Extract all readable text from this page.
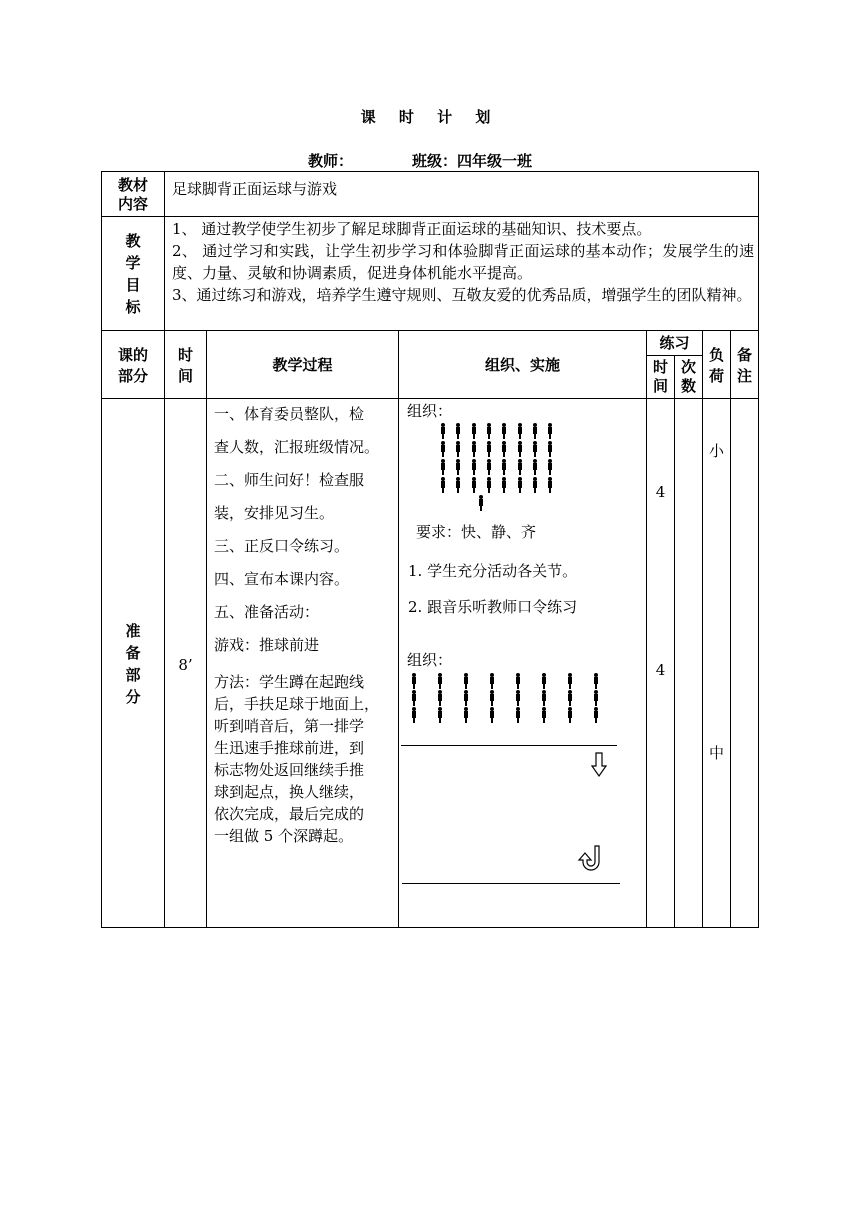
课 时 计 划
教师：	班级：四年级一班
教材
内容
足球脚背正面运球与游戏
教
学
目
标
1、 通过教学使学生初步了解足球脚背正面运球的基础知识、技术要点。
2、 通过学习和实践，让学生初步学习和体验脚背正面运球的基本动作；发展学生的速度、力量、灵敏和协调素质，促进身体机能水平提高。
3、通过练习和游戏，培养学生遵守规则、互敬友爱的优秀品质，增强学生的团队精神。
课的
部分
时
间
教学过程	组织、实施
练习
时
间
次
数
负
荷
备
注
准
备
部
分
8’

一、体育委员整队，检

查人数，汇报班级情况。

二、师生问好！检查服

装，安排见习生。

三、正反口令练习。

四、宣布本课内容。

五、准备活动：

游戏：推球前进

方法：学生蹲在起跑线

后，手扶足球于地面上，

听到哨音后，第一排学

生迅速手推球前进，到

标志物处返回继续手推

球到起点，换人继续，

依次完成，最后完成的

一组做 5 个深蹲起。

组织：
要求：快、静、齐
1. 学生充分活动各关节。
2. 跟音乐听教师口令练习
组织：
4
4
小
中
